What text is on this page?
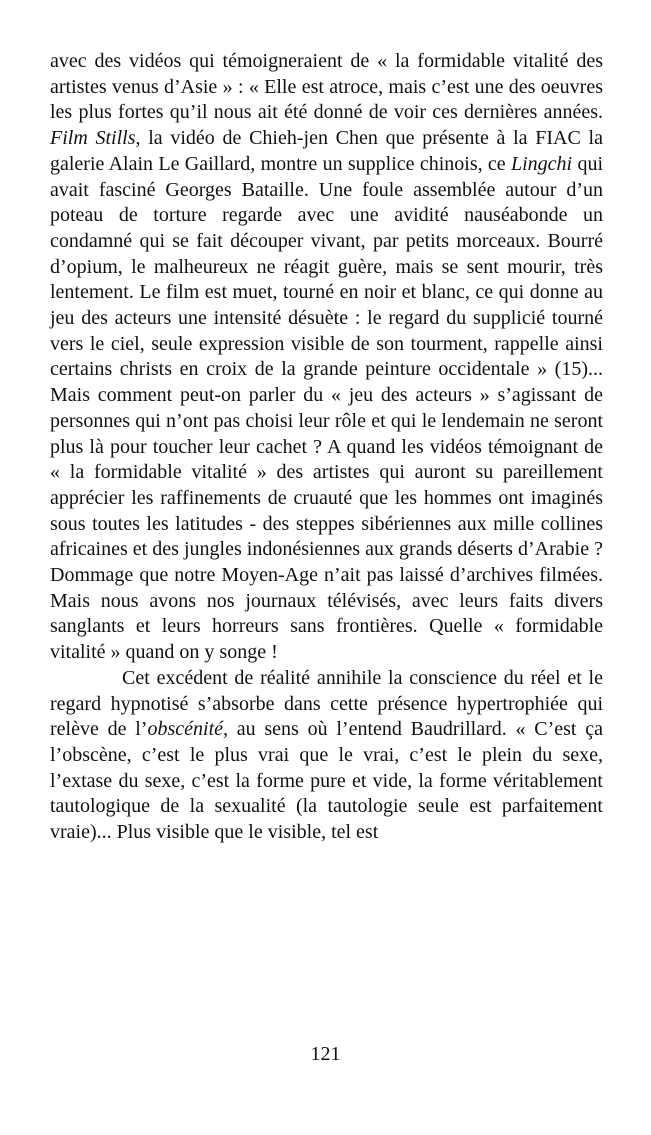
avec des vidéos qui témoigneraient de « la formidable vitalité des artistes venus d’Asie » : « Elle est atroce, mais c’est une des oeuvres les plus fortes qu’il nous ait été donné de voir ces dernières années. Film Stills, la vidéo de Chieh-jen Chen que présente à la FIAC la galerie Alain Le Gaillard, montre un supplice chinois, ce Lingchi qui avait fasciné Georges Bataille. Une foule assemblée autour d’un poteau de torture regarde avec une avidité nauséabonde un condamné qui se fait découper vivant, par petits morceaux. Bourré d’opium, le malheureux ne réagit guère, mais se sent mourir, très lentement. Le film est muet, tourné en noir et blanc, ce qui donne au jeu des acteurs une intensité désuète : le regard du supplicié tourné vers le ciel, seule expression visible de son tourment, rappelle ainsi certains christs en croix de la grande peinture occidentale » (15)... Mais comment peut-on parler du « jeu des acteurs » s’agissant de personnes qui n’ont pas choisi leur rôle et qui le lendemain ne seront plus là pour toucher leur cachet ? A quand les vidéos témoignant de « la formidable vitalité » des artistes qui auront su pareillement apprécier les raffinements de cruauté que les hommes ont imaginés sous toutes les latitudes - des steppes sibériennes aux mille collines africaines et des jungles indonésiennes aux grands déserts d’Arabie ? Dommage que notre Moyen-Age n’ait pas laissé d’archives filmées. Mais nous avons nos journaux télévisés, avec leurs faits divers sanglants et leurs horreurs sans frontières. Quelle « formidable vitalité » quand on y songe !

Cet excédent de réalité annihile la conscience du réel et le regard hypnotisé s’absorbe dans cette présence hypertrophiée qui relève de l’obscénité, au sens où l’entend Baudrillard. « C’est ça l’obscène, c’est le plus vrai que le vrai, c’est le plein du sexe, l’extase du sexe, c’est la forme pure et vide, la forme véritablement tautologique de la sexualité (la tautologie seule est parfaitement vraie)... Plus visible que le visible, tel est

121
